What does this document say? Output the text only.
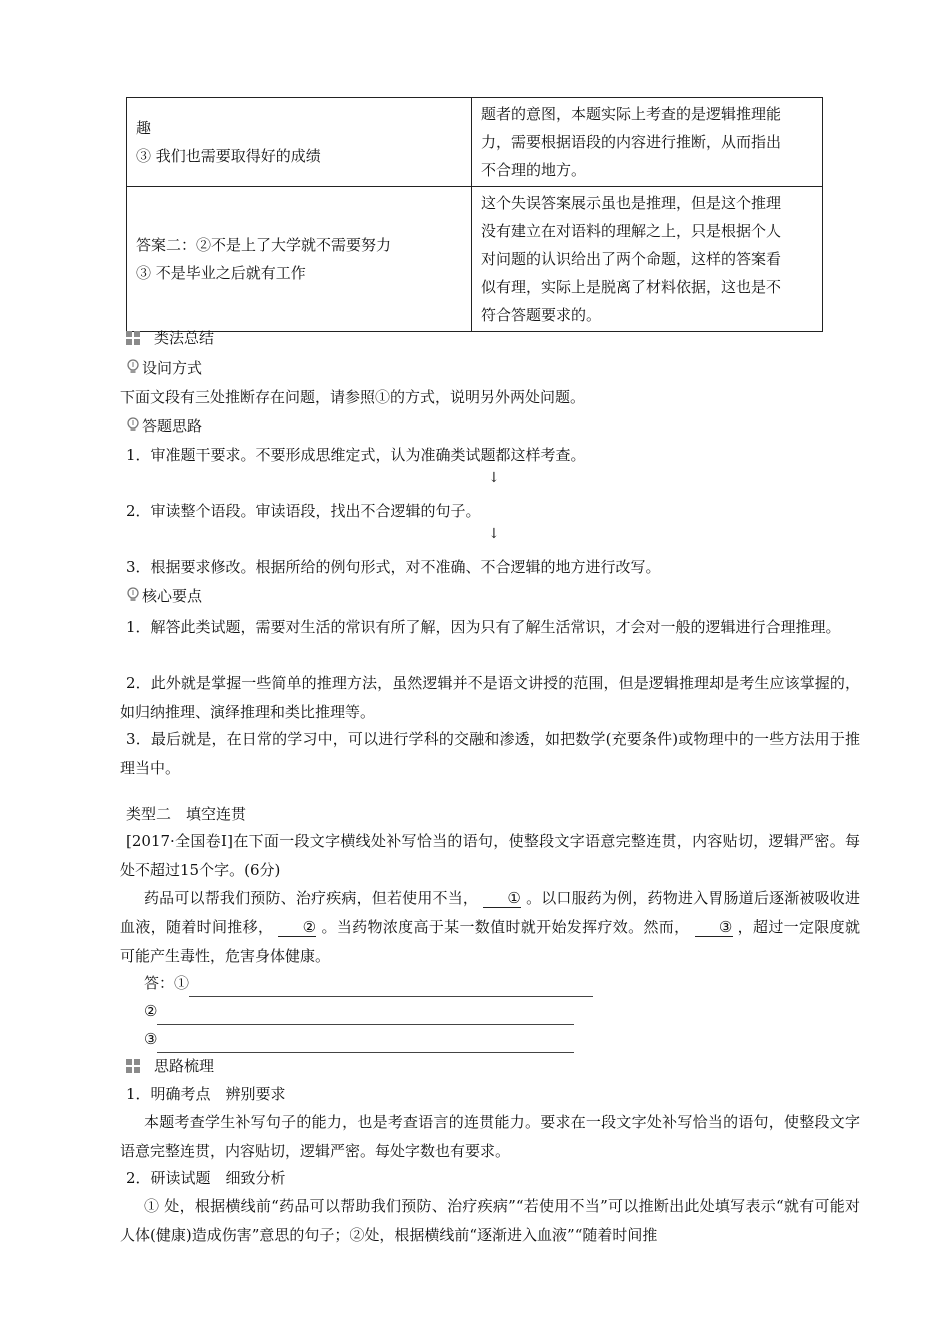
趣
③ 我们也需要取得好的成绩	题者的意图，本题实际上考查的是逻辑推理能
力，需要根据语段的内容进行推断，从而指出
不合理的地方。

答案二：②不是上了大学就不需要努力
③ 不是毕业之后就有工作	这个失误答案展示虽也是推理，但是这个推理
没有建立在对语料的理解之上，只是根据个人
对问题的认识给出了两个命题，这样的答案看
似有理，实际上是脱离了材料依据，这也是不
符合答题要求的。
类法总结
设问方式
下面文段有三处推断存在问题，请参照①的方式，说明另外两处问题。
答题思路
1．审准题干要求。不要形成思维定式，认为准确类试题都这样考查。
↓
2．审读整个语段。审读语段，找出不合逻辑的句子。
↓
3．根据要求修改。根据所给的例句形式，对不准确、不合逻辑的地方进行改写。
核心要点
1．解答此类试题，需要对生活的常识有所了解，因为只有了解生活常识，才会对一般的逻辑进行合理推理。
2．此外就是掌握一些简单的推理方法，虽然逻辑并不是语文讲授的范围，但是逻辑推理却是考生应该掌握的，如归纳推理、演绎推理和类比推理等。
3．最后就是，在日常的学习中，可以进行学科的交融和渗透，如把数学(充要条件)或物理中的一些方法用于推理当中。
类型二　填空连贯
[2017·全国卷Ⅰ]在下面一段文字横线处补写恰当的语句，使整段文字语意完整连贯，内容贴切，逻辑严密。每处不超过15个字。(6分)
药品可以帮我们预防、治疗疾病，但若使用不当， ① 。以口服药为例，药物进入胃肠道后逐渐被吸收进血液，随着时间推移， ② 。当药物浓度高于某一数值时就开始发挥疗效。然而， ③ ，超过一定限度就可能产生毒性，危害身体健康。
答：①
②
③
思路梳理
1．明确考点　辨别要求
本题考查学生补写句子的能力，也是考查语言的连贯能力。要求在一段文字处补写恰当的语句，使整段文字语意完整连贯，内容贴切，逻辑严密。每处字数也有要求。
2．研读试题　细致分析
① 处，根据横线前“药品可以帮助我们预防、治疗疾病”“若使用不当”可以推断出此处填写表示“就有可能对人体(健康)造成伤害”意思的句子；②处，根据横线前“逐渐进入血液”“随着时间推
